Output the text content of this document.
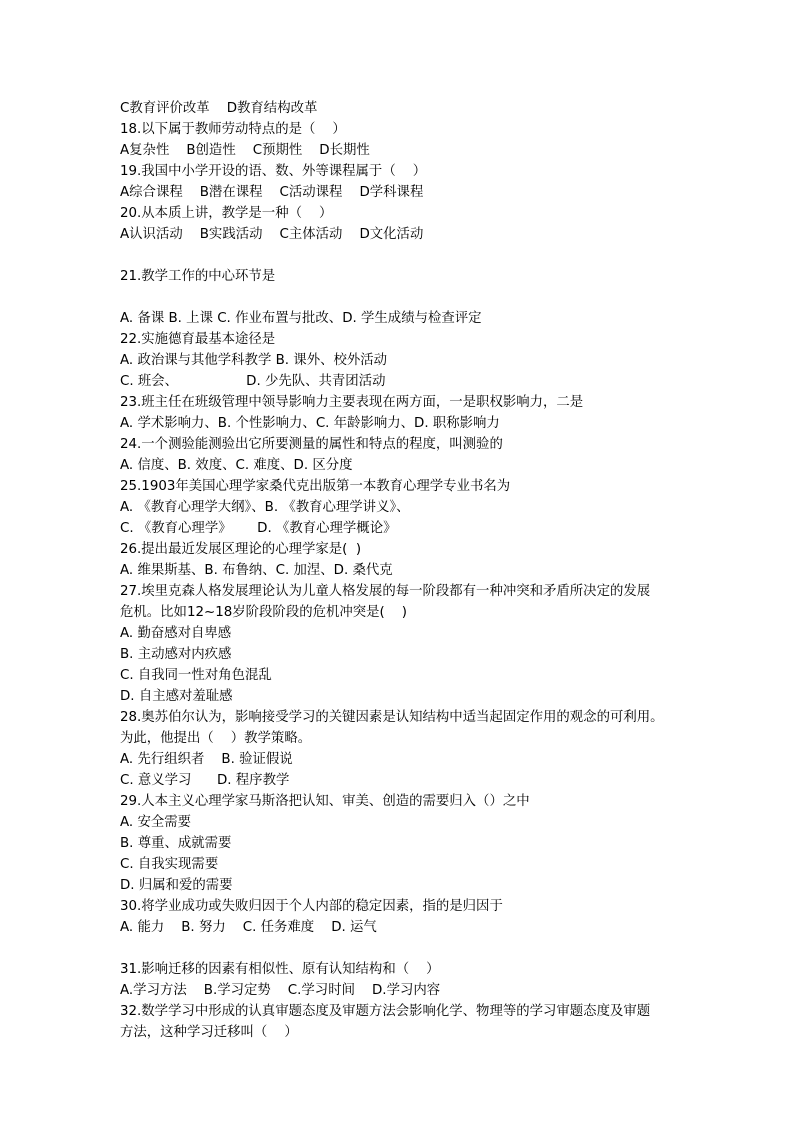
C教育评价改革    D教育结构改革
18.以下属于教师劳动特点的是（    ）
A复杂性    B创造性    C预期性    D长期性
19.我国中小学开设的语、数、外等课程属于（    ）
A综合课程    B潜在课程    C活动课程    D学科课程
20.从本质上讲，教学是一种（    ）
A认识活动    B实践活动    C主体活动    D文化活动
21.教学工作的中心环节是
A. 备课 B. 上课 C. 作业布置与批改、D. 学生成绩与检查评定
22.实施德育最基本途径是
A. 政治课与其他学科教学 B. 课外、校外活动
C. 班会、                D. 少先队、共青团活动
23.班主任在班级管理中领导影响力主要表现在两方面，一是职权影响力，二是
A. 学术影响力、B. 个性影响力、C. 年龄影响力、D. 职称影响力
24.一个测验能测验出它所要测量的属性和特点的程度，叫测验的
A. 信度、B. 效度、C. 难度、D. 区分度
25.1903年美国心理学家桑代克出版第一本教育心理学专业书名为
A. 《教育心理学大纲》、B. 《教育心理学讲义》、
C. 《教育心理学》      D. 《教育心理学概论》
26.提出最近发展区理论的心理学家是(  )
A. 维果斯基、B. 布鲁纳、C. 加涅、D. 桑代克
27.埃里克森人格发展理论认为儿童人格发展的每一阶段都有一种冲突和矛盾所决定的发展
危机。比如12~18岁阶段阶段的危机冲突是(    )
A. 勤奋感对自卑感
B. 主动感对内疚感
C. 自我同一性对角色混乱
D. 自主感对羞耻感
28.奥苏伯尔认为，影响接受学习的关键因素是认知结构中适当起固定作用的观念的可利用。
为此，他提出（    ）教学策略。
A. 先行组织者    B. 验证假说
C. 意义学习      D. 程序教学
29.人本主义心理学家马斯洛把认知、审美、创造的需要归入（）之中
A. 安全需要
B. 尊重、成就需要
C. 自我实现需要
D. 归属和爱的需要
30.将学业成功或失败归因于个人内部的稳定因素，指的是归因于
A. 能力    B. 努力    C. 任务难度    D. 运气
31.影响迁移的因素有相似性、原有认知结构和（    ）
A.学习方法    B.学习定势    C.学习时间    D.学习内容
32.数学学习中形成的认真审题态度及审题方法会影响化学、物理等的学习审题态度及审题
方法，这种学习迁移叫（    ）
